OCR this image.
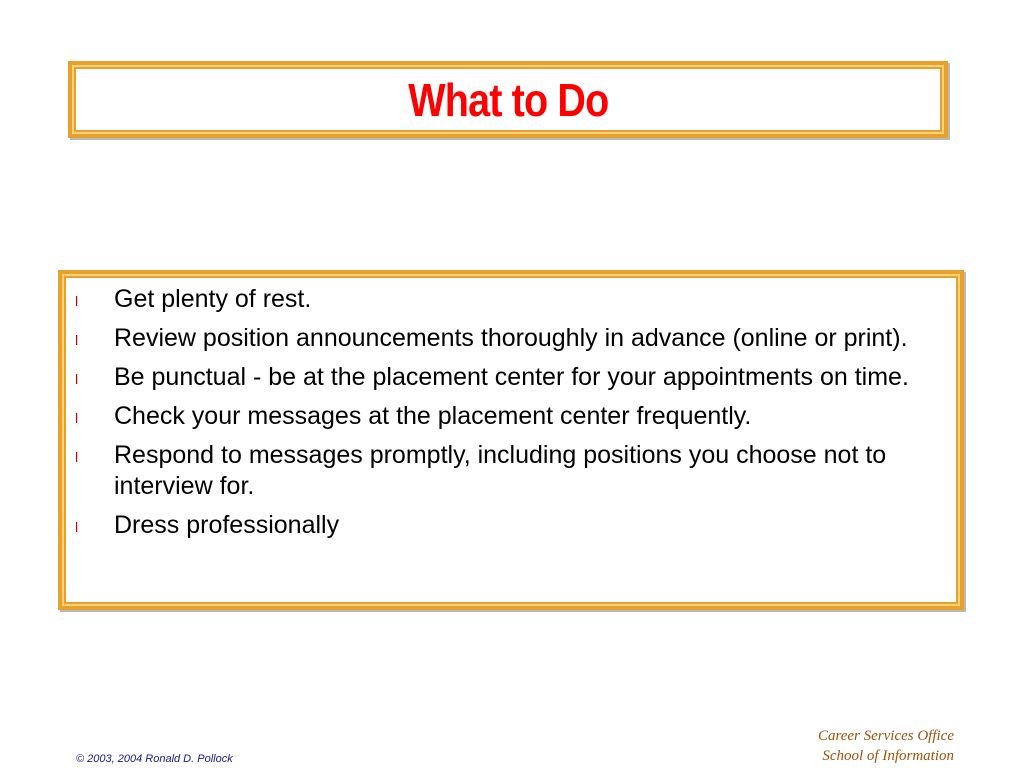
What to Do
l Get plenty of rest.
l Review position announcements thoroughly in advance (online or print).
l Be punctual - be at the placement center for your appointments on time.
l Check your messages at the placement center frequently.
l Respond to messages promptly, including positions you choose not to interview for.
l Dress professionally
© 2003, 2004 Ronald D. Pollock
Career Services Office
School of Information
